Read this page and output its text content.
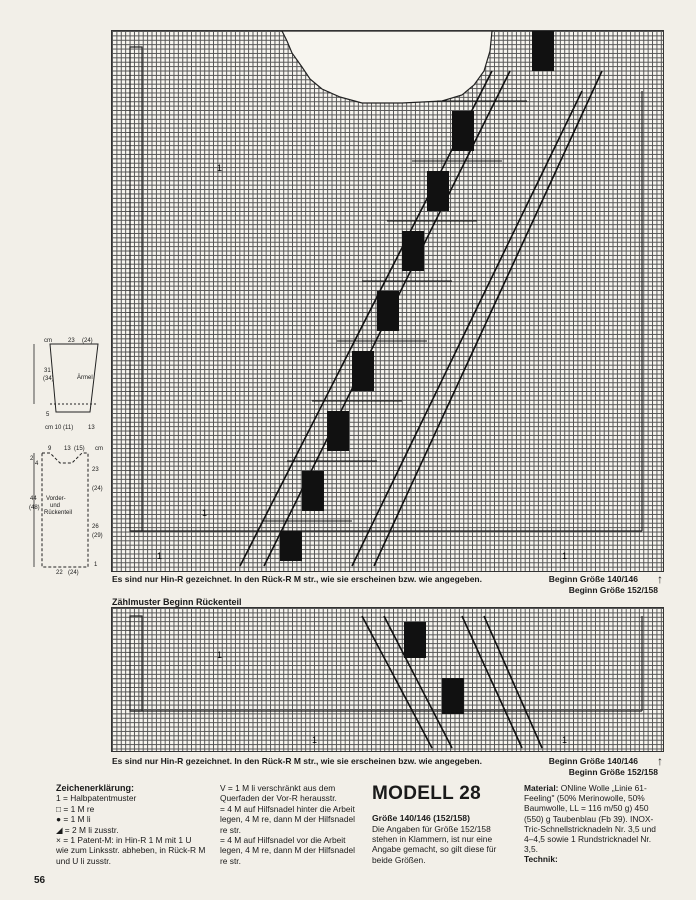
1
1
1	1
Es sind nur Hin-R gezeichnet. In den Rück-R M str., wie sie erscheinen bzw. wie angegeben.	Beginn Größe 140/146
Beginn Größe 152/158
↑
Zählmuster Beginn Rückenteil
1
1	1
Es sind nur Hin-R gezeichnet. In den Rück-R M str., wie sie erscheinen bzw. wie angegeben.	Beginn Größe 140/146
Beginn Größe 152/158
↑
cm	23 (24)
Ärmel
31
(34)
5
cm 10 (11) 13
9 13 (15) cm
2
4
23
(24)
44
(48)
Vorder-
und
Rückenteil
26
(29)
1
22 (24)
Zeichenerklärung:
1 = Halbpatentmuster
□ = 1 M re
● = 1 M li
◢ = 2 M li zusstr.
× = 1 Patent-M: in Hin-R 1 M mit 1 U wie zum Linksstr. abheben, in Rück-R M und U li zusstr.
V = 1 M li verschränkt aus dem Querfaden der Vor-R herausstr.
= 4 M auf Hilfsnadel hinter die Arbeit legen, 4 M re, dann M der Hilfsnadel re str.
= 4 M auf Hilfsnadel vor die Arbeit legen, 4 M re, dann M der Hilfsnadel re str.
MODELL 28
Größe 140/146 (152/158)
Die Angaben für Größe 152/158 stehen in Klammern, ist nur eine Angabe gemacht, so gilt diese für beide Größen.
Material: ONline Wolle „Linie 61-Feeling" (50% Merinowolle, 50% Baumwolle, LL = 116 m/50 g) 450 (550) g Taubenblau (Fb 39). INOX-Tric-Schnellstricknadeln Nr. 3,5 und 4–4,5 sowie 1 Rundstricknadel Nr. 3,5.
Technik:
56
